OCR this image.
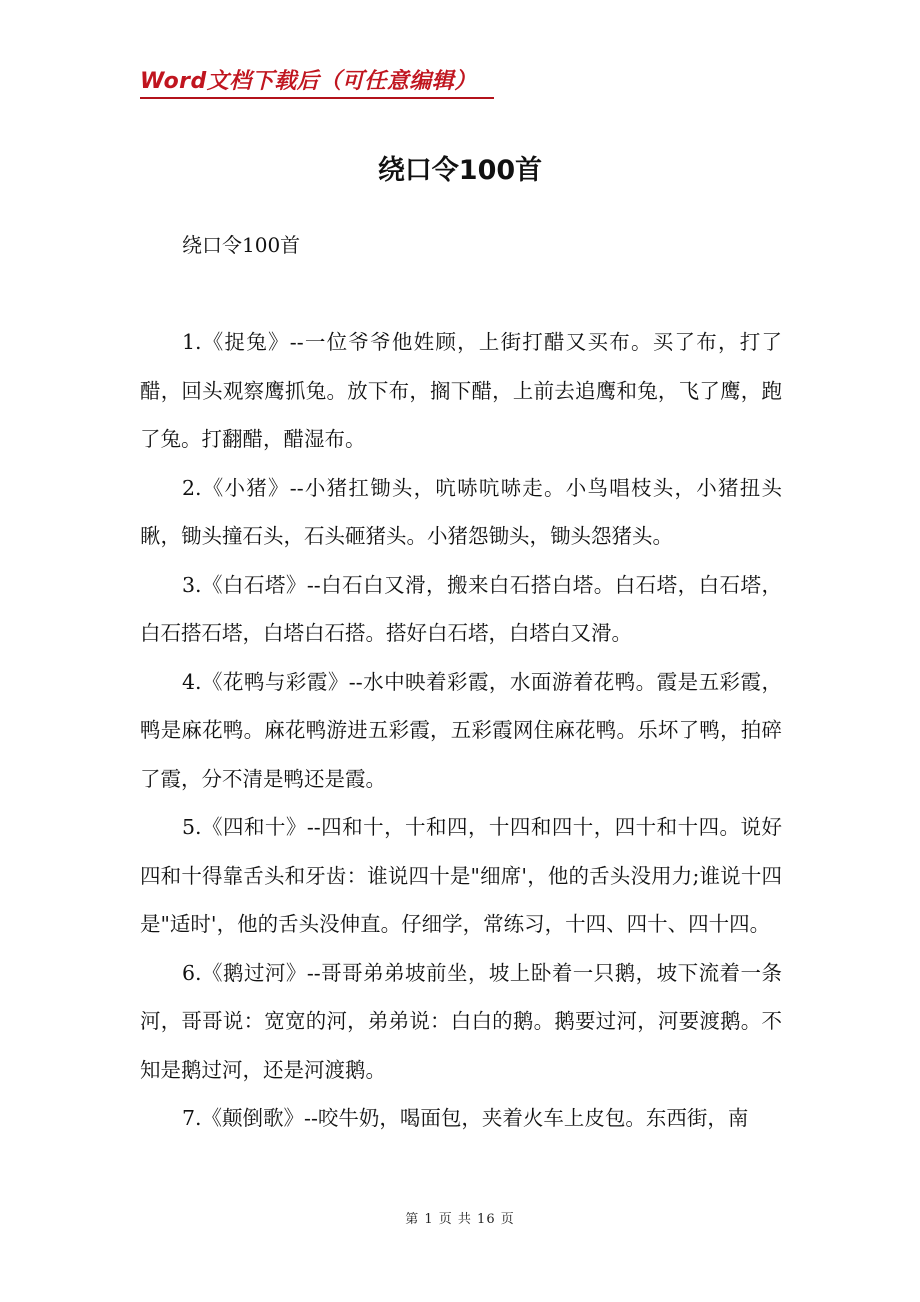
Word文档下载后（可任意编辑）
绕口令100首
绕口令100首

1.《捉兔》--一位爷爷他姓顾，上街打醋又买布。买了布，打了醋，回头观察鹰抓兔。放下布，搁下醋，上前去追鹰和兔，飞了鹰，跑了兔。打翻醋，醋湿布。

2.《小猪》--小猪扛锄头，吭哧吭哧走。小鸟唱枝头，小猪扭头瞅，锄头撞石头，石头砸猪头。小猪怨锄头，锄头怨猪头。

3.《白石塔》--白石白又滑，搬来白石搭白塔。白石塔，白石塔，白石搭石塔，白塔白石搭。搭好白石塔，白塔白又滑。

4.《花鸭与彩霞》--水中映着彩霞，水面游着花鸭。霞是五彩霞，鸭是麻花鸭。麻花鸭游进五彩霞，五彩霞网住麻花鸭。乐坏了鸭，拍碎了霞，分不清是鸭还是霞。

5.《四和十》--四和十，十和四，十四和四十，四十和十四。说好四和十得靠舌头和牙齿：谁说四十是"细席'，他的舌头没用力;谁说十四是"适时'，他的舌头没伸直。仔细学，常练习，十四、四十、四十四。

6.《鹅过河》--哥哥弟弟坡前坐，坡上卧着一只鹅，坡下流着一条河，哥哥说：宽宽的河，弟弟说：白白的鹅。鹅要过河，河要渡鹅。不知是鹅过河，还是河渡鹅。

7.《颠倒歌》--咬牛奶，喝面包，夹着火车上皮包。东西街，南

第 1 页 共 16 页
